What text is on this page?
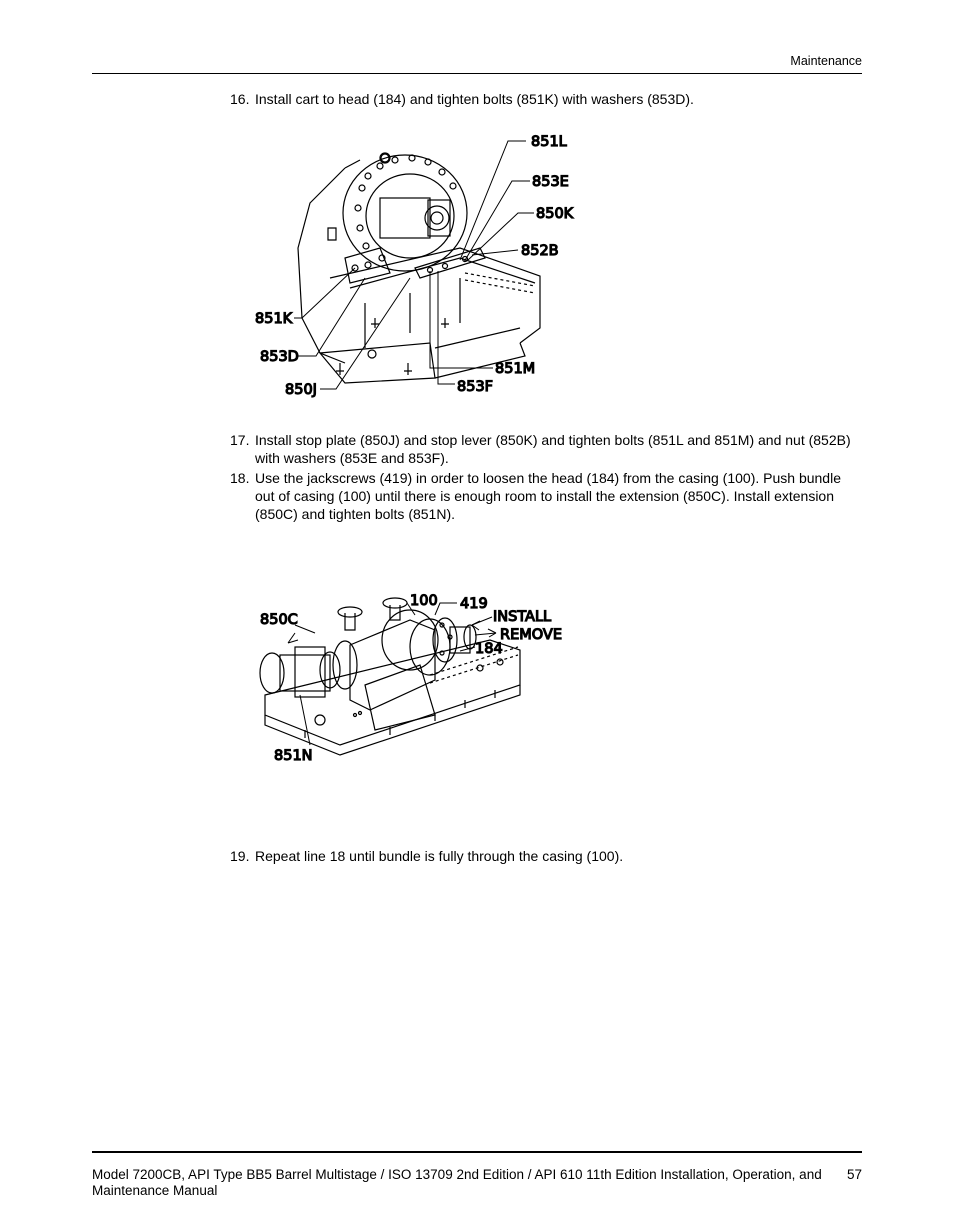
Maintenance
16. Install cart to head (184) and tighten bolts (851K) with washers (853D).
851L
853E
850K
852B
851K
853D
850J
851M
853F
17. Install stop plate (850J) and stop lever (850K) and tighten bolts (851L and 851M) and nut (852B) with washers (853E and 853F).
18. Use the jackscrews (419) in order to loosen the head (184) from the casing (100). Push bundle out of casing (100) until there is enough room to install the extension (850C). Install extension (850C) and tighten bolts (851N).
100 419
850C	INSTALL
REMOVE
184
851N
19. Repeat line 18 until bundle is fully through the casing (100).
Model 7200CB, API Type BB5 Barrel Multistage / ISO 13709 2nd Edition / API 610 11th Edition Installation, Operation, and Maintenance Manual
57
